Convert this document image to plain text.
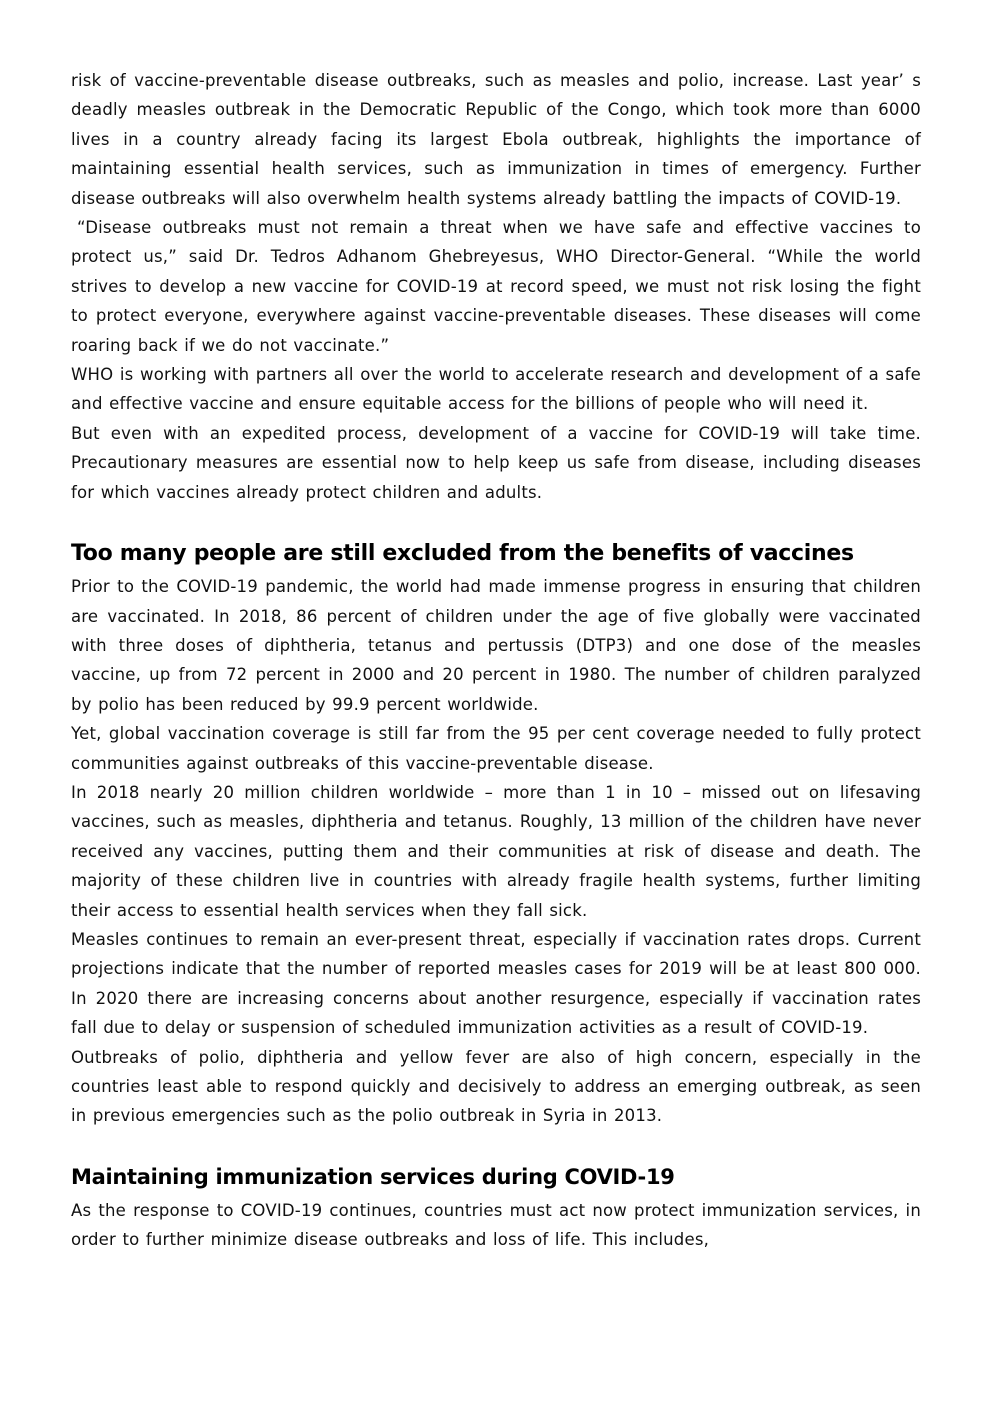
risk of vaccine-preventable disease outbreaks, such as measles and polio, increase. Last year’ s deadly measles outbreak in the Democratic Republic of the Congo, which took more than 6000 lives in a country already facing its largest Ebola outbreak, highlights the importance of maintaining essential health services, such as immunization in times of emergency. Further disease outbreaks will also overwhelm health systems already battling the impacts of COVID-19.

“Disease outbreaks must not remain a threat when we have safe and effective vaccines to protect us,” said Dr. Tedros Adhanom Ghebreyesus, WHO Director-General. “While the world strives to develop a new vaccine for COVID-19 at record speed, we must not risk losing the fight to protect everyone, everywhere against vaccine-preventable diseases. These diseases will come roaring back if we do not vaccinate.”

WHO is working with partners all over the world to accelerate research and development of a safe and effective vaccine and ensure equitable access for the billions of people who will need it.

But even with an expedited process, development of a vaccine for COVID-19 will take time. Precautionary measures are essential now to help keep us safe from disease, including diseases for which vaccines already protect children and adults.

Too many people are still excluded from the benefits of vaccines

Prior to the COVID-19 pandemic, the world had made immense progress in ensuring that children are vaccinated. In 2018, 86 percent of children under the age of five globally were vaccinated with three doses of diphtheria, tetanus and pertussis (DTP3) and one dose of the measles vaccine, up from 72 percent in 2000 and 20 percent in 1980. The number of children paralyzed by polio has been reduced by 99.9 percent worldwide.

Yet, global vaccination coverage is still far from the 95 per cent coverage needed to fully protect communities against outbreaks of this vaccine-preventable disease.

In 2018 nearly 20 million children worldwide – more than 1 in 10 – missed out on lifesaving vaccines, such as measles, diphtheria and tetanus. Roughly, 13 million of the children have never received any vaccines, putting them and their communities at risk of disease and death. The majority of these children live in countries with already fragile health systems, further limiting their access to essential health services when they fall sick.

Measles continues to remain an ever-present threat, especially if vaccination rates drops. Current projections indicate that the number of reported measles cases for 2019 will be at least 800 000. In 2020 there are increasing concerns about another resurgence, especially if vaccination rates fall due to delay or suspension of scheduled immunization activities as a result of COVID-19.

Outbreaks of polio, diphtheria and yellow fever are also of high concern, especially in the countries least able to respond quickly and decisively to address an emerging outbreak, as seen in previous emergencies such as the polio outbreak in Syria in 2013.

Maintaining immunization services during COVID-19

As the response to COVID-19 continues, countries must act now protect immunization services, in order to further minimize disease outbreaks and loss of life. This includes,
